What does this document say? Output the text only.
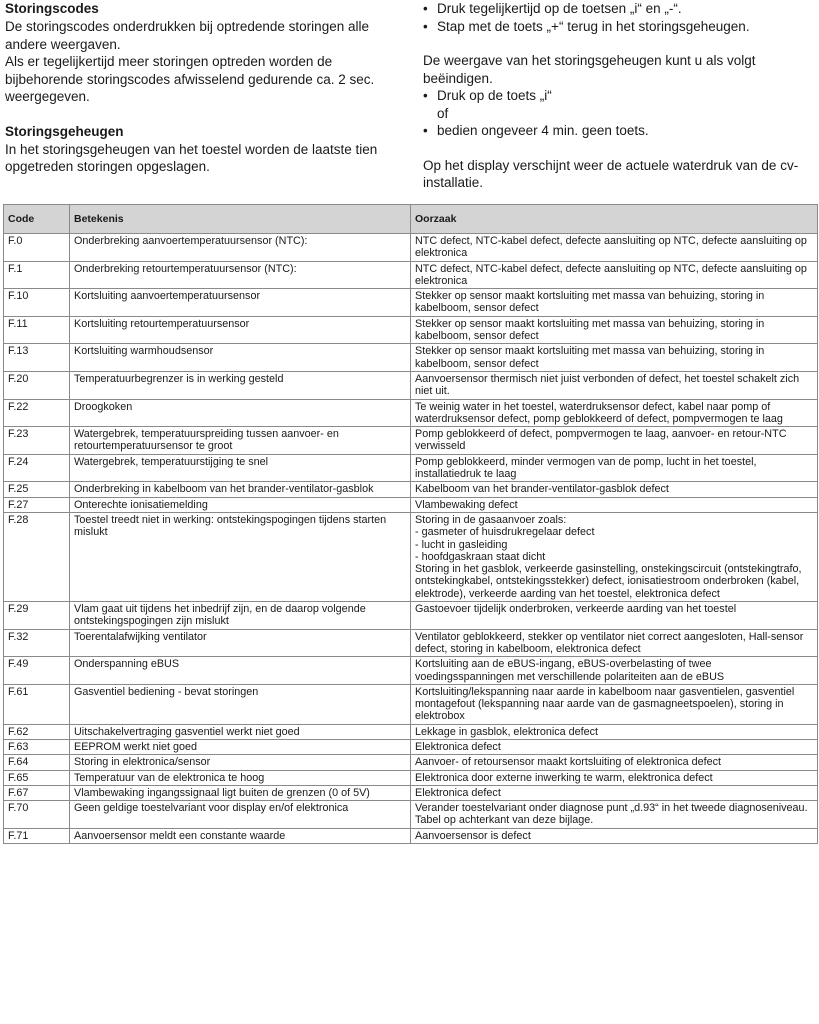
Storingscodes

De storingscodes onderdrukken bij optredende storingen alle andere weergaven.

Als er tegelijkertijd meer storingen optreden worden de bijbehorende storingscodes afwisselend gedurende ca. 2 sec. weergegeven.

Storingsgeheugen

In het storingsgeheugen van het toestel worden de laatste tien opgetreden storingen opgeslagen.

• Druk tegelijkertijd op de toetsen „i“ en „-“.
• Stap met de toets „+“ terug in het storingsgeheugen.

De weergave van het storingsgeheugen kunt u als volgt beëindigen.

• Druk op de toets „i“
of
• bedien ongeveer 4 min. geen toets.

Op het display verschijnt weer de actuele waterdruk van de cv-installatie.

Code	Betekenis	Oorzaak
F.0	Onderbreking aanvoertemperatuursensor (NTC):	NTC defect, NTC-kabel defect, defecte aansluiting op NTC, defecte aansluiting op elektronica
F.1	Onderbreking retourtemperatuursensor (NTC):	NTC defect, NTC-kabel defect, defecte aansluiting op NTC, defecte aansluiting op elektronica
F.10	Kortsluiting aanvoertemperatuursensor	Stekker op sensor maakt kortsluiting met massa van behuizing, storing in kabelboom, sensor defect
F.11	Kortsluiting retourtemperatuursensor	Stekker op sensor maakt kortsluiting met massa van behuizing, storing in kabelboom, sensor defect
F.13	Kortsluiting warmhoudsensor	Stekker op sensor maakt kortsluiting met massa van behuizing, storing in kabelboom, sensor defect
F.20	Temperatuurbegrenzer is in werking gesteld	Aanvoersensor thermisch niet juist verbonden of defect, het toestel schakelt zich niet uit.
F.22	Droogkoken	Te weinig water in het toestel, waterdruksensor defect, kabel naar pomp of waterdruksensor defect, pomp geblokkeerd of defect, pompvermogen te laag
F.23	Watergebrek, temperatuurspreiding tussen aanvoer- en retourtemperatuursensor te groot	Pomp geblokkeerd of defect, pompvermogen te laag, aanvoer- en retour-NTC verwisseld
F.24	Watergebrek, temperatuurstijging te snel	Pomp geblokkeerd, minder vermogen van de pomp, lucht in het toestel, installatiedruk te laag
F.25	Onderbreking in kabelboom van het brander-ventilator-gasblok	Kabelboom van het brander-ventilator-gasblok defect
F.27	Onterechte ionisatiemelding	Vlambewaking defect
F.28	Toestel treedt niet in werking: ontstekingspogingen tijdens starten mislukt	Storing in de gasaanvoer zoals:
- gasmeter of huisdrukregelaar defect
- lucht in gasleiding
- hoofdgaskraan staat dicht
Storing in het gasblok, verkeerde gasinstelling, onstekingscircuit (ontstekingtrafo, ontstekingkabel, ontstekingsstekker) defect, ionisatiestroom onderbroken (kabel, elektrode), verkeerde aarding van het toestel, elektronica defect
F.29	Vlam gaat uit tijdens het inbedrijf zijn, en de daarop volgende ontstekingspogingen zijn mislukt	Gastoevoer tijdelijk onderbroken, verkeerde aarding van het toestel
F.32	Toerentalafwijking ventilator	Ventilator geblokkeerd, stekker op ventilator niet correct aangesloten, Hall-sensor defect, storing in kabelboom, elektronica defect
F.49	Onderspanning eBUS	Kortsluiting aan de eBUS-ingang, eBUS-overbelasting of twee voedingsspanningen met verschillende polariteiten aan de eBUS
F.61	Gasventiel bediening - bevat storingen	Kortsluiting/lekspanning naar aarde in kabelboom naar gasventielen, gasventiel montagefout (lekspanning naar aarde van de gasmagneetspoelen), storing in elektrobox
F.62	Uitschakelvertraging gasventiel werkt niet goed	Lekkage in gasblok, elektronica defect
F.63	EEPROM werkt niet goed	Elektronica defect
F.64	Storing in elektronica/sensor	Aanvoer- of retoursensor maakt kortsluiting of elektronica defect
F.65	Temperatuur van de elektronica te hoog	Elektronica door externe inwerking te warm, elektronica defect
F.67	Vlambewaking ingangssignaal ligt buiten de grenzen (0 of 5V)	Elektronica defect
F.70	Geen geldige toestelvariant voor display en/of elektronica	Verander toestelvariant onder diagnose punt „d.93“ in het tweede diagnoseniveau. Tabel op achterkant van deze bijlage.
F.71	Aanvoersensor meldt een constante waarde	Aanvoersensor is defect
